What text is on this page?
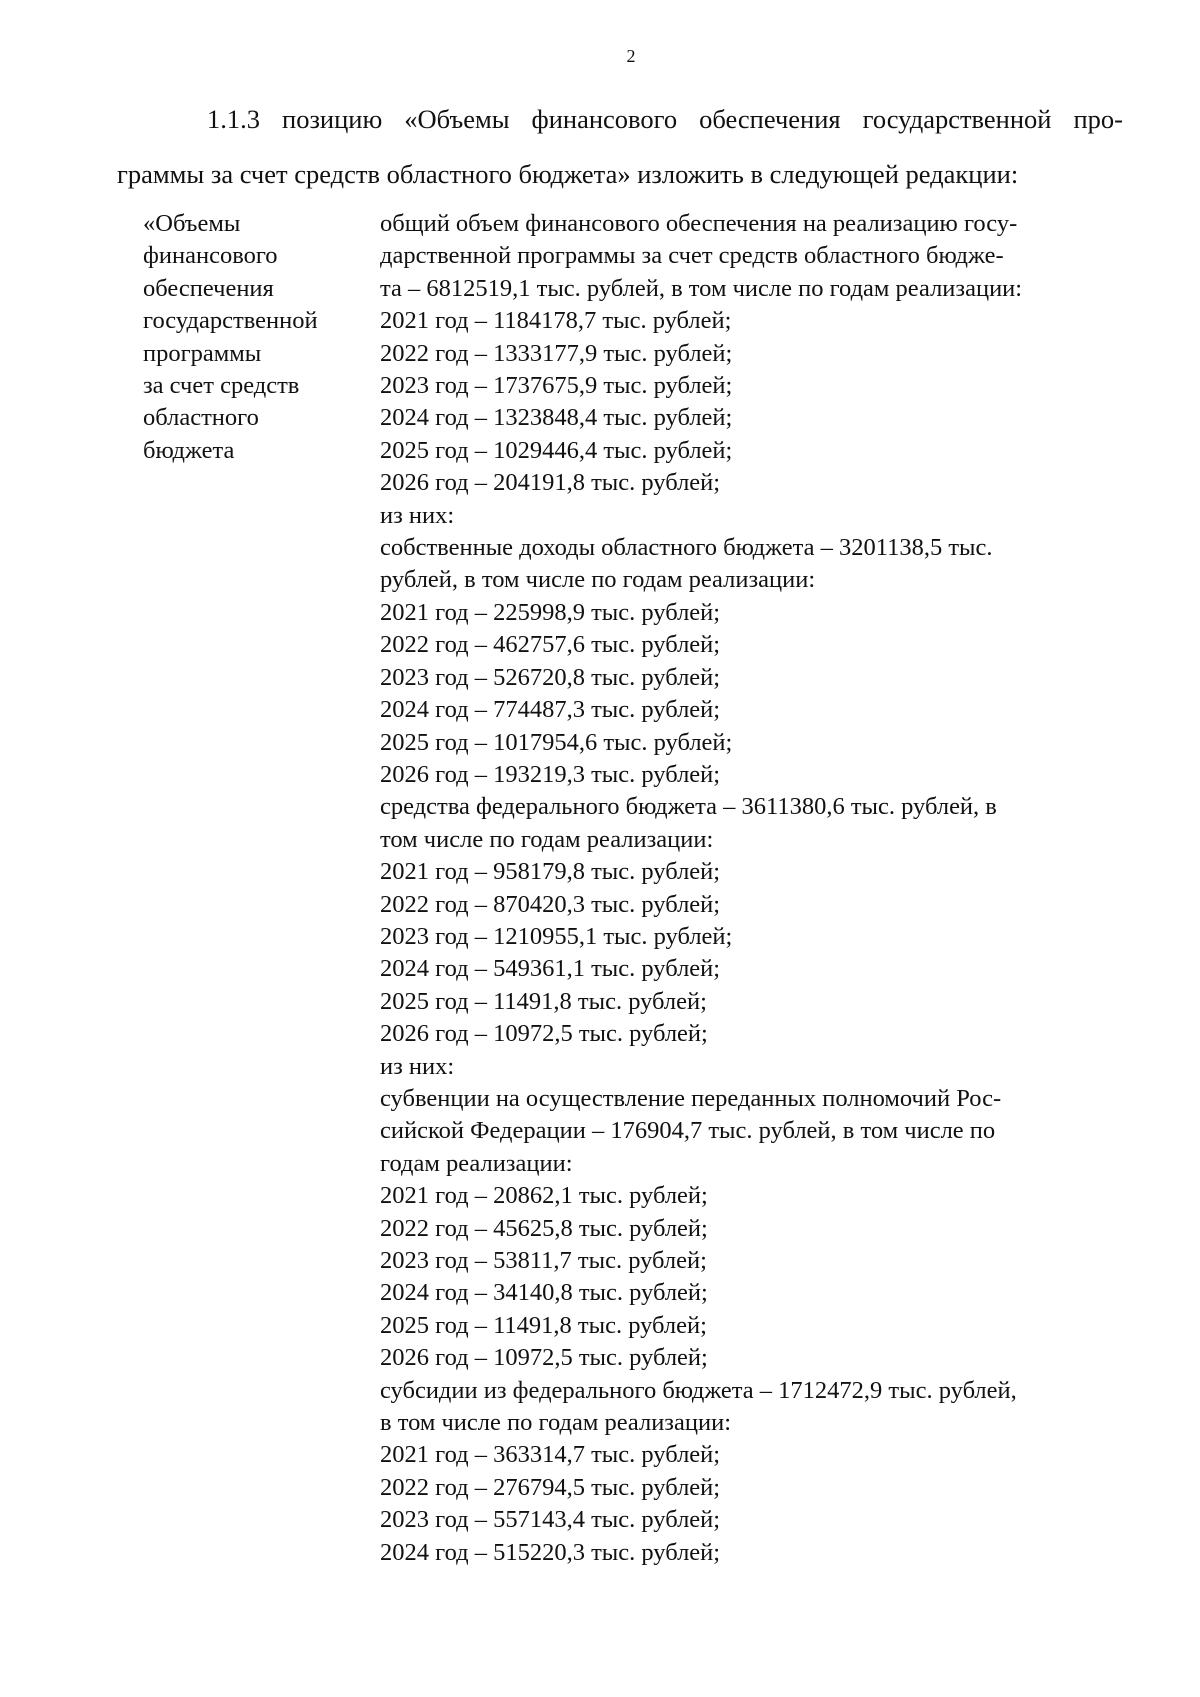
2
1.1.3 позицию «Объемы финансового обеспечения государственной про-
граммы за счет средств областного бюджета» изложить в следующей редакции:
«Объемы
финансового
обеспечения
государственной
программы
за счет средств
областного
бюджета
общий объем финансового обеспечения на реализацию госу-
дарственной программы за счет средств областного бюдже-
та – 6812519,1 тыс. рублей, в том числе по годам реализации:
2021 год – 1184178,7 тыс. рублей;
2022 год – 1333177,9 тыс. рублей;
2023 год – 1737675,9 тыс. рублей;
2024 год – 1323848,4 тыс. рублей;
2025 год – 1029446,4 тыс. рублей;
2026 год – 204191,8 тыс. рублей;
из них:
собственные доходы областного бюджета – 3201138,5 тыс.
рублей, в том числе по годам реализации:
2021 год – 225998,9 тыс. рублей;
2022 год – 462757,6 тыс. рублей;
2023 год – 526720,8 тыс. рублей;
2024 год – 774487,3 тыс. рублей;
2025 год – 1017954,6 тыс. рублей;
2026 год – 193219,3 тыс. рублей;
средства федерального бюджета – 3611380,6 тыс. рублей, в
том числе по годам реализации:
2021 год – 958179,8 тыс. рублей;
2022 год – 870420,3 тыс. рублей;
2023 год – 1210955,1 тыс. рублей;
2024 год – 549361,1 тыс. рублей;
2025 год – 11491,8 тыс. рублей;
2026 год – 10972,5 тыс. рублей;
из них:
субвенции на осуществление переданных полномочий Рос-
сийской Федерации – 176904,7 тыс. рублей, в том числе по
годам реализации:
2021 год – 20862,1 тыс. рублей;
2022 год – 45625,8 тыс. рублей;
2023 год – 53811,7 тыс. рублей;
2024 год – 34140,8 тыс. рублей;
2025 год – 11491,8 тыс. рублей;
2026 год – 10972,5 тыс. рублей;
субсидии из федерального бюджета – 1712472,9 тыс. рублей,
в том числе по годам реализации:
2021 год – 363314,7 тыс. рублей;
2022 год – 276794,5 тыс. рублей;
2023 год – 557143,4 тыс. рублей;
2024 год – 515220,3 тыс. рублей;
